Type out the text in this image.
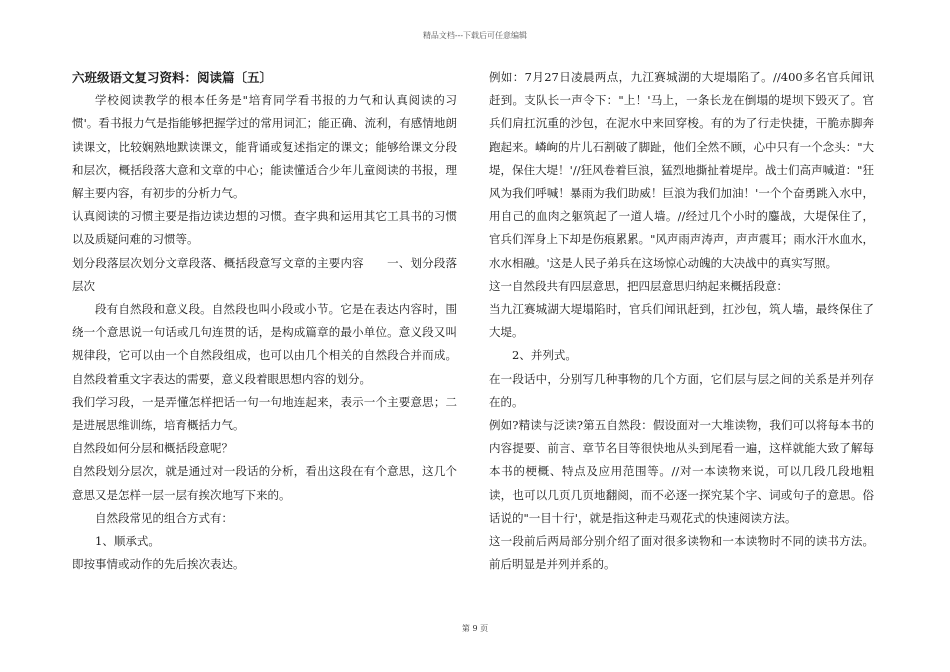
精品文档---下载后可任意编辑

六班级语文复习资料：阅读篇〔五〕

学校阅读教学的根本任务是"培育同学看书报的力气和认真阅读的习惯'。看书报力气是指能够把握学过的常用词汇；能正确、流利，有感情地朗读课文，比较娴熟地默读课文，能背诵或复述指定的课文；能够给课文分段和层次，概括段落大意和文章的中心；能读懂适合少年儿童阅读的书报，理解主要内容，有初步的分析力气。

认真阅读的习惯主要是指边读边想的习惯。查字典和运用其它工具书的习惯以及质疑问难的习惯等。

划分段落层次划分文章段落、概括段意写文章的主要内容　　一、划分段落层次

段有自然段和意义段。自然段也叫小段或小节。它是在表达内容时，围绕一个意思说一句话或几句连贯的话，是构成篇章的最小单位。意义段又叫规律段，它可以由一个自然段组成，也可以由几个相关的自然段合并而成。自然段着重文字表达的需要，意义段着眼思想内容的划分。

我们学习段，一是弄懂怎样把话一句一句地连起来，表示一个主要意思；二是进展思维训练，培育概括力气。

自然段如何分层和概括段意呢？

自然段划分层次，就是通过对一段话的分析，看出这段在有个意思，这几个意思又是怎样一层一层有挨次地写下来的。

自然段常见的组合方式有：

1、顺承式。

即按事情或动作的先后挨次表达。

例如：7月27日凌晨两点，九江赛城湖的大堤塌陷了。//400多名官兵闻讯赶到。支队长一声令下："上！'马上，一条长龙在倒塌的堤坝下毁灭了。官兵们肩扛沉重的沙包，在泥水中来回穿梭。有的为了行走快捷，干脆赤脚奔跑起来。嶙峋的片儿石割破了脚趾，他们全然不顾，心中只有一个念头："大堤，保住大堤！'//狂风卷着巨浪，猛烈地撕扯着堤岸。战士们高声喊道："狂风为我们呼喊！暴雨为我们助威！巨浪为我们加油！'一个个奋勇跳入水中，用自己的血肉之躯筑起了一道人墙。//经过几个小时的鏖战，大堤保住了，官兵们浑身上下却是伤痕累累。"风声雨声涛声，声声震耳；雨水汗水血水，水水相融。'这是人民子弟兵在这场惊心动魄的大决战中的真实写照。

这一自然段共有四层意思，把四层意思归纳起来概括段意：

当九江赛城湖大堤塌陷时，官兵们闻讯赶到，扛沙包，筑人墙，最终保住了大堤。

2、并列式。

在一段话中，分别写几种事物的几个方面，它们层与层之间的关系是并列存在的。

例如?精读与泛读?第五自然段：假设面对一大堆读物，我们可以将每本书的内容提要、前言、章节名目等很快地从头到尾看一遍，这样就能大致了解每本书的梗概、特点及应用范围等。//对一本读物来说，可以几段几段地粗读，也可以几页几页地翻阅，而不必逐一探究某个字、词或句子的意思。俗话说的"一目十行'，就是指这种走马观花式的快速阅读方法。

这一段前后两局部分别介绍了面对很多读物和一本读物时不同的读书方法。前后明显是并列并系的。

第 9 页
